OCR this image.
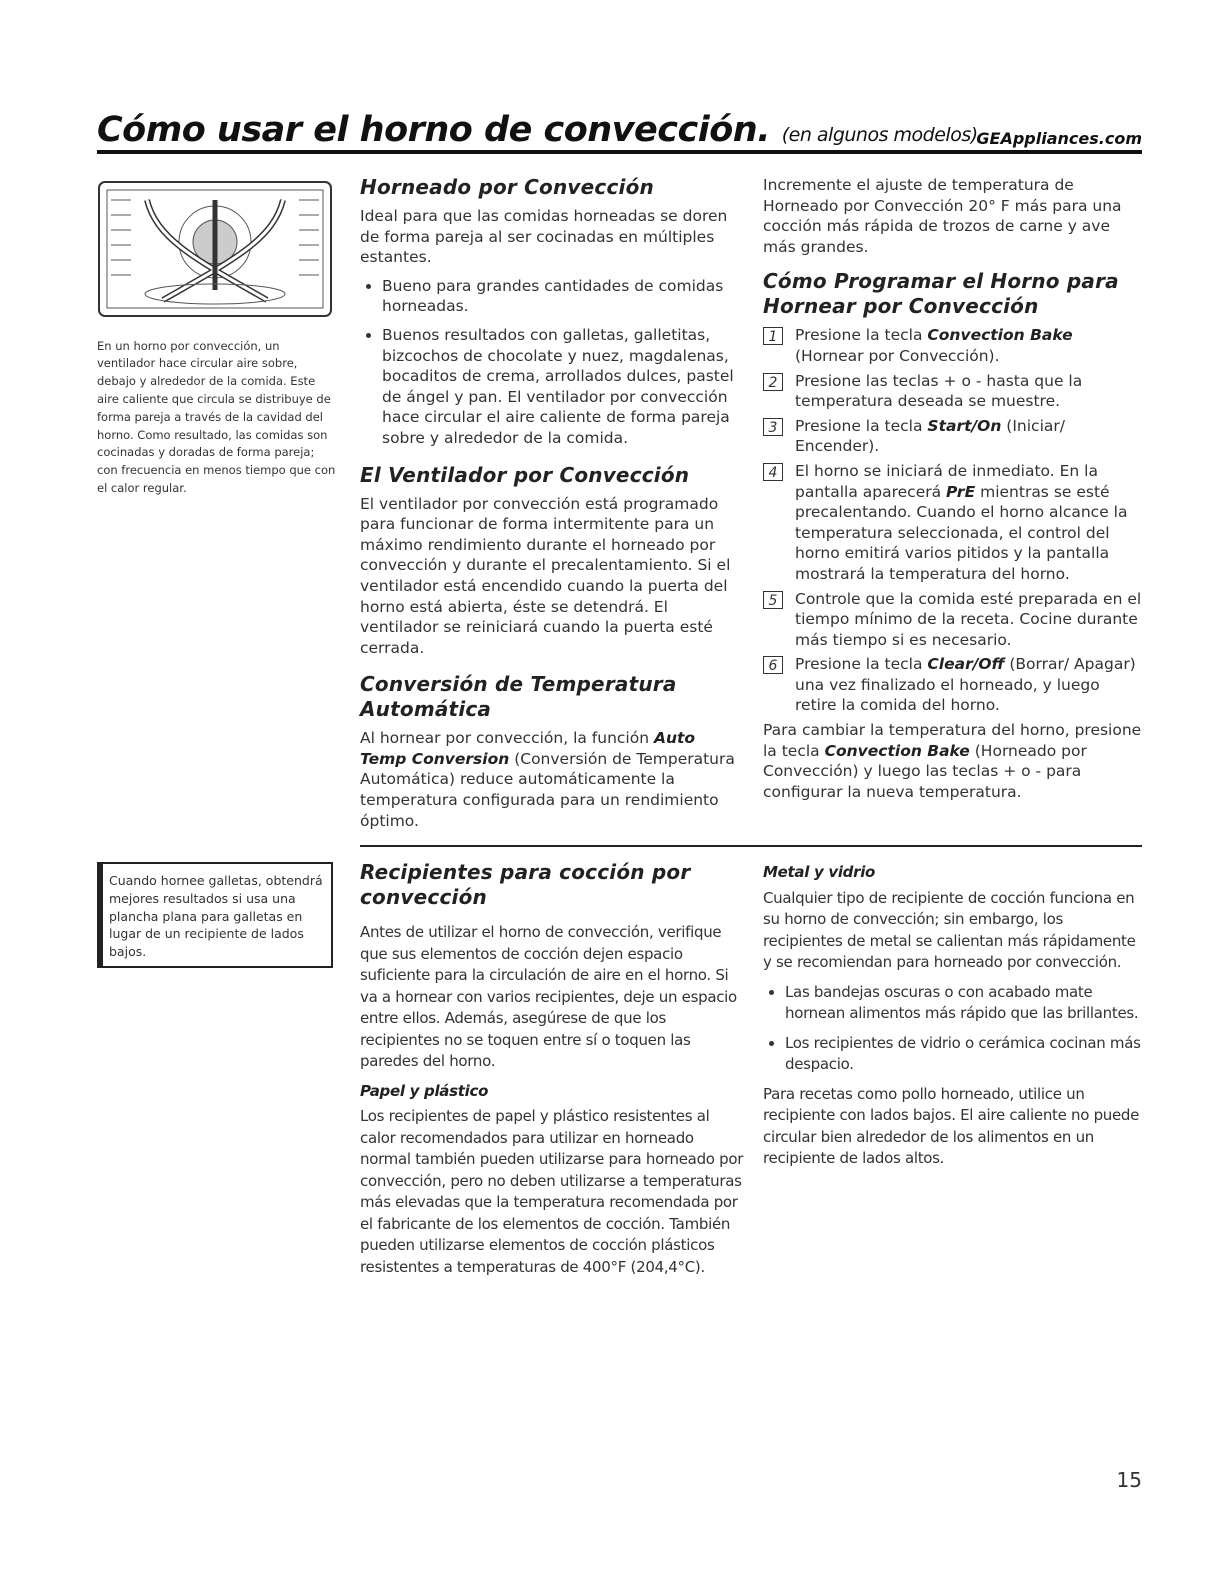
Cómo usar el horno de convección. (en algunos modelos)
GEAppliances.com
En un horno por convección, un ventilador hace circular aire sobre, debajo y alrededor de la comida. Este aire caliente que circula se distribuye de forma pareja a través de la cavidad del horno. Como resultado, las comidas son cocinadas y doradas de forma pareja; con frecuencia en menos tiempo que con el calor regular.
Horneado por Convección

Ideal para que las comidas horneadas se doren de forma pareja al ser cocinadas en múltiples estantes.

• Bueno para grandes cantidades de comidas horneadas.
• Buenos resultados con galletas, galletitas, bizcochos de chocolate y nuez, magdalenas, bocaditos de crema, arrollados dulces, pastel de ángel y pan. El ventilador por convección hace circular el aire caliente de forma pareja sobre y alrededor de la comida.
El Ventilador por Convección

El ventilador por convección está programado para funcionar de forma intermitente para un máximo rendimiento durante el horneado por convección y durante el precalentamiento. Si el ventilador está encendido cuando la puerta del horno está abierta, éste se detendrá. El ventilador se reiniciará cuando la puerta esté cerrada.

Conversión de Temperatura Automática

Al hornear por convección, la función Auto Temp Conversion (Conversión de Temperatura Automática) reduce automáticamente la temperatura configurada para un rendimiento óptimo.

Incremente el ajuste de temperatura de Horneado por Convección 20° F más para una cocción más rápida de trozos de carne y ave más grandes.

Cómo Programar el Horno para Hornear por Convección
1	Presione la tecla Convection Bake (Hornear por Convección).
2	Presione las teclas + o - hasta que la temperatura deseada se muestre.
3	Presione la tecla Start/On (Iniciar/ Encender).
4	El horno se iniciará de inmediato. En la pantalla aparecerá PrE mientras se esté precalentando. Cuando el horno alcance la temperatura seleccionada, el control del horno emitirá varios pitidos y la pantalla mostrará la temperatura del horno.
5	Controle que la comida esté preparada en el tiempo mínimo de la receta. Cocine durante más tiempo si es necesario.
6	Presione la tecla Clear/Off (Borrar/ Apagar) una vez finalizado el horneado, y luego retire la comida del horno.

Para cambiar la temperatura del horno, presione la tecla Convection Bake (Horneado por Convección) y luego las teclas + o - para configurar la nueva temperatura.

Cuando hornee galletas, obtendrá mejores resultados si usa una plancha plana para galletas en lugar de un recipiente de lados bajos.
Recipientes para cocción por convección

Antes de utilizar el horno de convección, verifique que sus elementos de cocción dejen espacio suficiente para la circulación de aire en el horno. Si va a hornear con varios recipientes, deje un espacio entre ellos. Además, asegúrese de que los recipientes no se toquen entre sí o toquen las paredes del horno.

Papel y plástico

Los recipientes de papel y plástico resistentes al calor recomendados para utilizar en horneado normal también pueden utilizarse para horneado por convección, pero no deben utilizarse a temperaturas más elevadas que la temperatura recomendada por el fabricante de los elementos de cocción. También pueden utilizarse elementos de cocción plásticos resistentes a temperaturas de 400°F (204,4°C).

Metal y vidrio

Cualquier tipo de recipiente de cocción funciona en su horno de convección; sin embargo, los recipientes de metal se calientan más rápidamente y se recomiendan para horneado por convección.

• Las bandejas oscuras o con acabado mate hornean alimentos más rápido que las brillantes.
• Los recipientes de vidrio o cerámica cocinan más despacio.

Para recetas como pollo horneado, utilice un recipiente con lados bajos. El aire caliente no puede circular bien alrededor de los alimentos en un recipiente de lados altos.

15
